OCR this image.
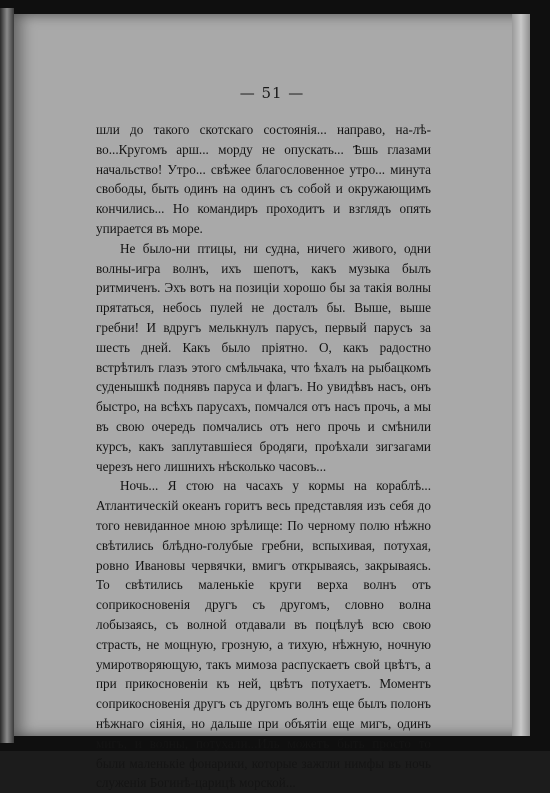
— 51 —

шли до такого скотскаго состоянія... направо, на-лѣ-во...Кругомъ арш... морду не опускать... Ѣшь глазами начальство! Утро... свѣжее благословенное утро... минута свободы, быть одинъ на одинъ съ собой и окружающимъ кончились... Но командиръ проходитъ и взглядъ опять упирается въ море.

Не было-ни птицы, ни судна, ничего живого, одни волны-игра волнъ, ихъ шепотъ, какъ музыка былъ ритмиченъ. Эхъ вотъ на позиціи хорошо бы за такія волны прятаться, небось пулей не досталъ бы. Выше, выше гребни! И вдругъ мелькнулъ парусъ, первый парусъ за шесть дней. Какъ было пріятно. О, какъ радостно встрѣтилъ глазъ этого смѣльчака, что ѣхалъ на рыбацкомъ суденышкѣ поднявъ паруса и флагъ. Но увидѣвъ насъ, онъ быстро, на всѣхъ парусахъ, помчался отъ насъ прочь, а мы въ свою очередь помчались отъ него прочь и смѣнили курсъ, какъ заплутавшіеся бродяги, проѣхали зигзагами черезъ него лишнихъ нѣсколько часовъ...

Ночь... Я стою на часахъ у кормы на кораблѣ... Атлантическій океанъ горитъ весь представляя изъ себя до того невиданное мною зрѣлище: По черному полю нѣжно свѣтились блѣдно-голубые гребни, вспыхивая, потухая, ровно Ивановы червячки, вмигъ открываясь, закрываясь. То свѣтились маленькіе круги верха волнъ отъ соприкосновенія другъ съ другомъ, словно волна лобызаясь, съ волной отдавали въ поцѣлуѣ всю свою страсть, не мощную, грозную, а тихую, нѣжную, ночную умиротворяющую, такъ мимоза распускаетъ свой цвѣтъ, а при прикосновеніи къ ней, цвѣтъ потухаетъ. Моментъ соприкосновенія другъ съ другомъ волнъ еще былъ полонъ нѣжнаго сіянія, но дальше при объятіи еще мигъ, одинъ мигъ, и волны, потухали...Иль можетъ быть просто то были маленькіе фонарики, которые зажгли нимфы въ ночь служенія Богинѣ-царицѣ морской...
